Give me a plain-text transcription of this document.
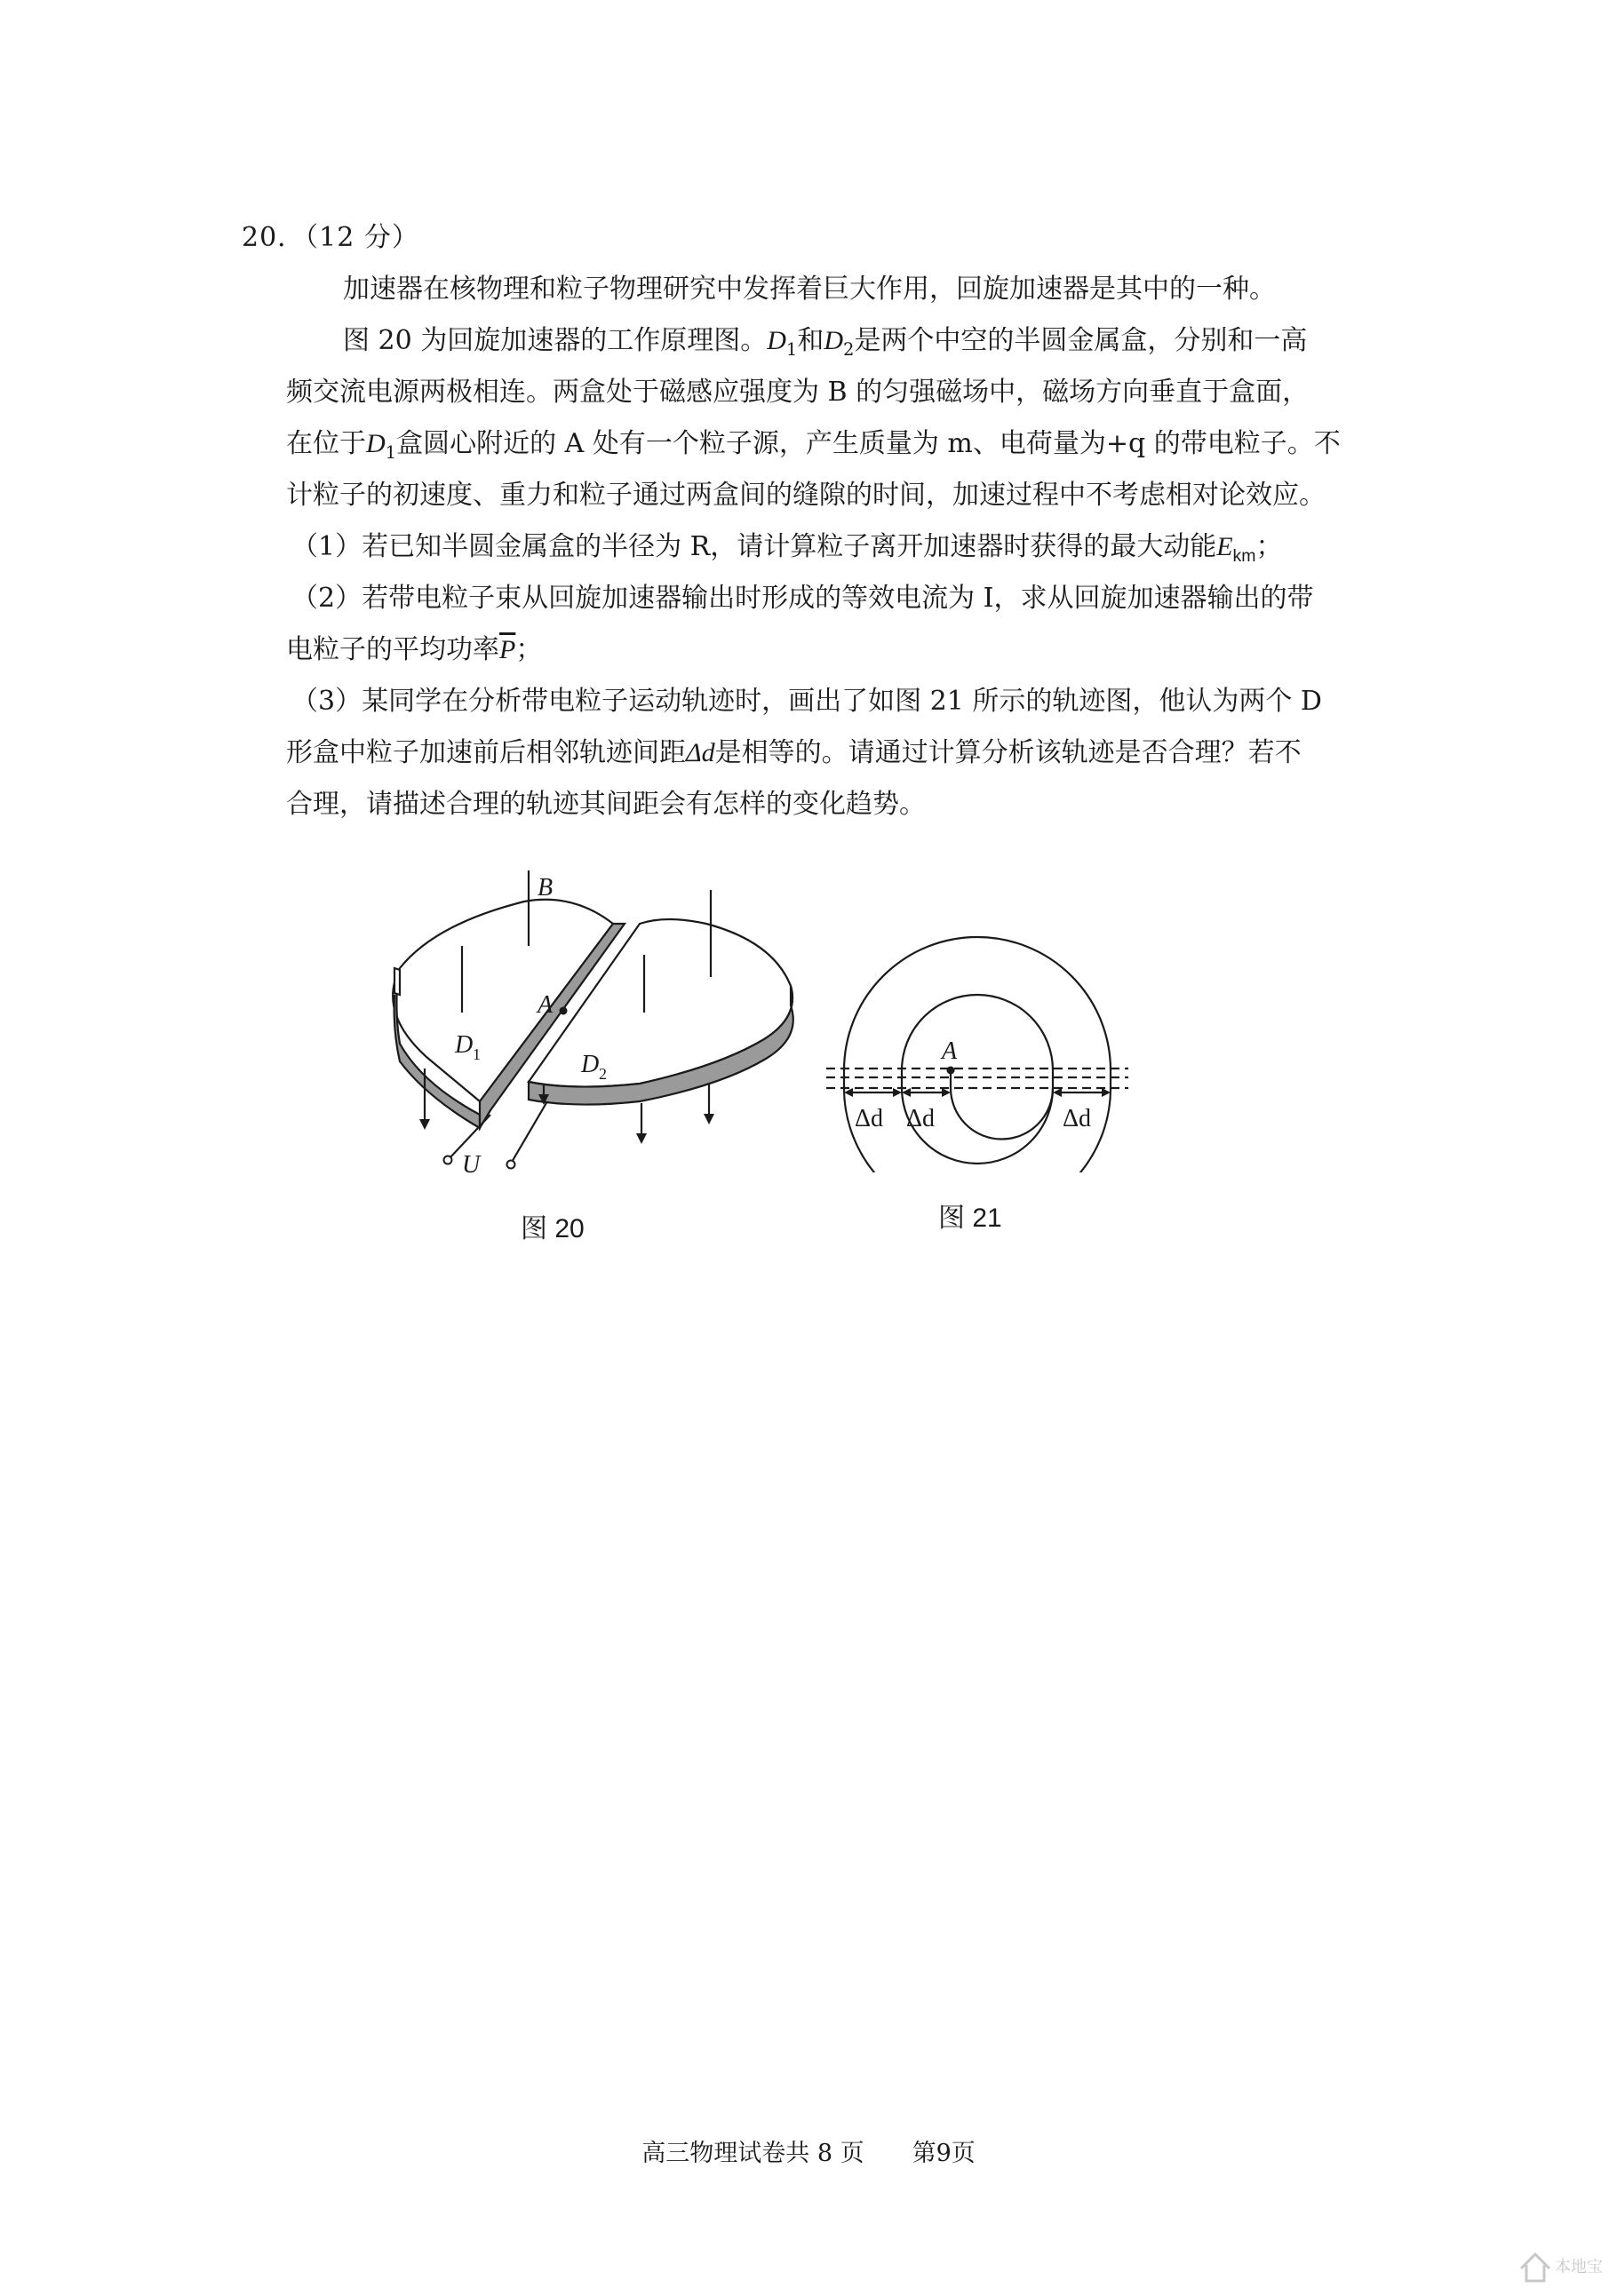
20．（12 分）
加速器在核物理和粒子物理研究中发挥着巨大作用，回旋加速器是其中的一种。
图 20 为回旋加速器的工作原理图。$D_1$和$D_2$是两个中空的半圆金属盒，分别和一高
频交流电源两极相连。两盒处于磁感应强度为 B 的匀强磁场中，磁场方向垂直于盒面，
在位于$D_1$盒圆心附近的 A 处有一个粒子源，产生质量为 m、电荷量为+q 的带电粒子。不
计粒子的初速度、重力和粒子通过两盒间的缝隙的时间，加速过程中不考虑相对论效应。
（1）若已知半圆金属盒的半径为 R，请计算粒子离开加速器时获得的最大动能$E_{km}$；
（2）若带电粒子束从回旋加速器输出时形成的等效电流为 I，求从回旋加速器输出的带
电粒子的平均功率$\overline{P}$；
（3）某同学在分析带电粒子运动轨迹时，画出了如图 21 所示的轨迹图，他认为两个 D
形盒中粒子加速前后相邻轨迹间距Δd是相等的。请通过计算分析该轨迹是否合理？若不
合理，请描述合理的轨迹其间距会有怎样的变化趋势。
B
A
D 1	D 2
U
图 20
A
Δd Δd	Δd
图 21
高三物理试卷共 8 页　　第9页
本地宝
